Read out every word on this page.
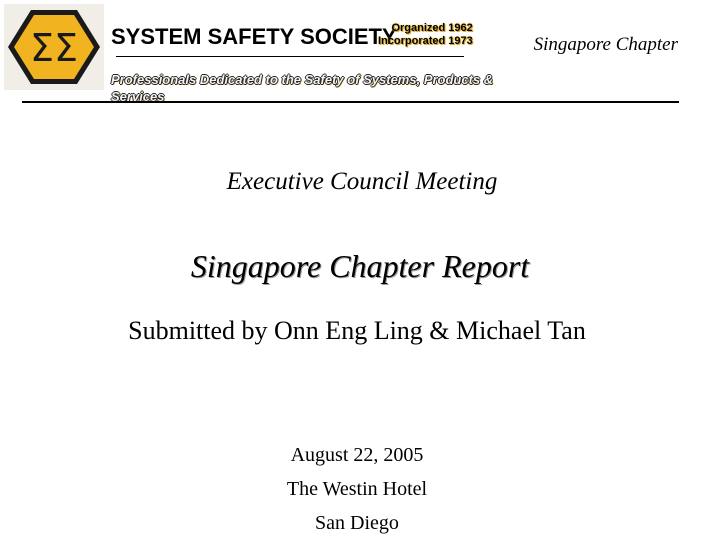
ΣΣ SYSTEM SAFETY SOCIETY
Organized 1962
Incorporated 1973	Singapore Chapter

Professionals Dedicated to the Safety of Systems, Products & Services

Executive Council Meeting
Singapore Chapter Report
Submitted by Onn Eng Ling & Michael Tan
August 22, 2005
The Westin Hotel
San Diego
